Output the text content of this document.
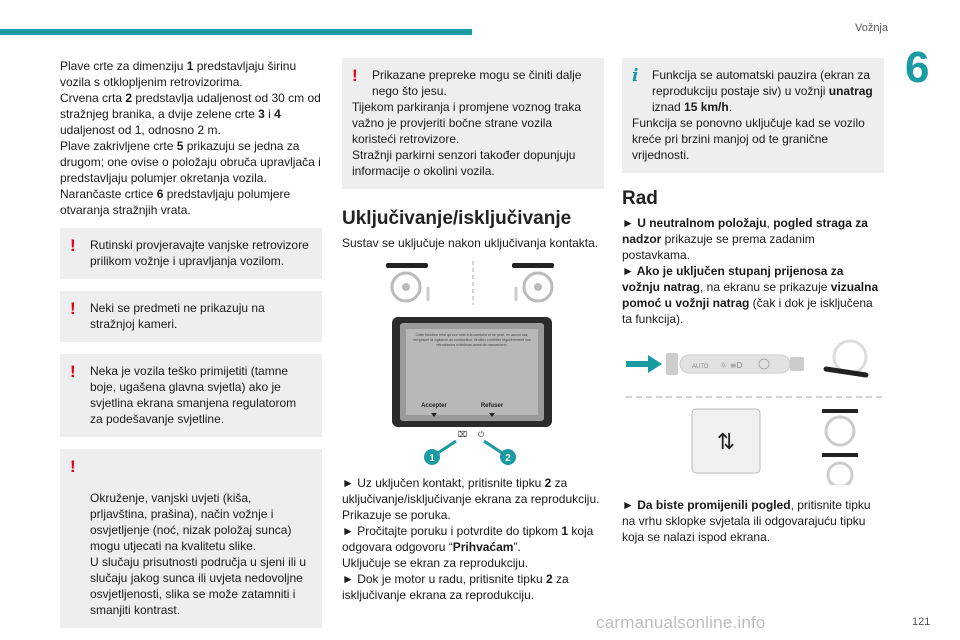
Vožnja
6
121
carmanualsonline.info
Plave crte za dimenziju 1 predstavljaju širinu vozila s otklopljenim retrovizorima.
Crvena crta 2 predstavlja udaljenost od 30 cm od stražnjeg branika, a dvije zelene crte 3 i 4 udaljenost od 1, odnosno 2 m.
Plave zakrivljene crte 5 prikazuju se jedna za drugom; one ovise o položaju obruča upravljača i predstavljaju polumjer okretanja vozila.
Narančaste crtice 6 predstavljaju polumjere otvaranja stražnjih vrata.
! Rutinski provjeravajte vanjske retrovizore prilikom vožnje i upravljanja vozilom.
! Neki se predmeti ne prikazuju na stražnjoj kameri.
! Neka je vozila teško primijetiti (tamne boje, ugašena glavna svjetla) ako je svjetlina ekrana smanjena regulatorom za podešavanje svjetline.

!

Okruženje, vanjski uvjeti (kiša, prljavština, prašina), način vožnje i osvjetljenje (noć, nizak položaj sunca) mogu utjecati na kvalitetu slike.
U slučaju prisutnosti područja u sjeni ili u slučaju jakog sunca ili uvjeta nedovoljne osvjetljenosti, slika se može zatamniti i smanjiti kontrast.

!	Prikazane prepreke mogu se činiti dalje nego što jesu.
Tijekom parkiranja i promjene voznog traka važno je provjeriti bočne strane vozila koristeći retrovizore.
Stražnji parkirni senzori također dopunjuju informacije o okolini vozila.
Uključivanje/isključivanje
Sustav se uključuje nakon uključivanja kontakta.
Cette fonction n'est qu'une aide à la conduite et ne peut, en aucun cas, remplacer la vigilance du conducteur. Veuillez contrôler régulièrement vos rétroviseurs extérieurs avant de manoeuvrer.
Accepter	Refuser
⌧ ⏻
1	2
► Uz uključen kontakt, pritisnite tipku 2 za uključivanje/isključivanje ekrana za reprodukciju.
Prikazuje se poruka.
► Pročitajte poruku i potvrdite do tipkom 1 koja odgovara odgovoru “Prihvaćam”.
Uključuje se ekran za reprodukciju.
► Dok je motor u radu, pritisnite tipku 2 za isključivanje ekrana za reprodukciju.
i	Funkcija se automatski pauzira (ekran za reprodukciju postaje siv) u vožnji unatrag iznad 15 km/h.
Funkcija se ponovno uključuje kad se vozilo kreće pri brzini manjoj od te granične vrijednosti.
Rad
► U neutralnom položaju, pogled straga za nadzor prikazuje se prema zadanim postavkama.
► Ako je uključen stupanj prijenosa za vožnju natrag, na ekranu se prikazuje vizualna pomoć u vožnji natrag (čak i dok je isključena ta funkcija).
AUTO ☼ ≡D
⇅
► Da biste promijenili pogled, pritisnite tipku na vrhu sklopke svjetala ili odgovarajuću tipku koja se nalazi ispod ekrana.
